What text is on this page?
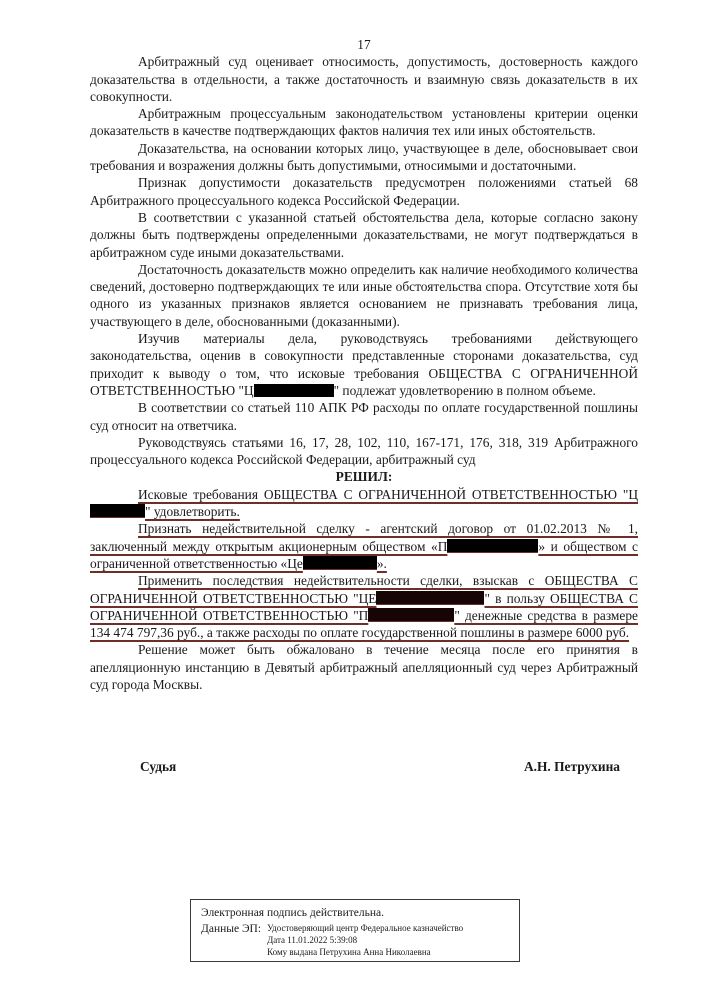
17

Арбитражный суд оценивает относимость, допустимость, достоверность каждого доказательства в отдельности, а также достаточность и взаимную связь доказательств в их совокупности.

Арбитражным процессуальным законодательством установлены критерии оценки доказательств в качестве подтверждающих фактов наличия тех или иных обстоятельств.

Доказательства, на основании которых лицо, участвующее в деле, обосновывает свои требования и возражения должны быть допустимыми, относимыми и достаточными.

Признак допустимости доказательств предусмотрен положениями статьей 68 Арбитражного процессуального кодекса Российской Федерации.

В соответствии с указанной статьей обстоятельства дела, которые согласно закону должны быть подтверждены определенными доказательствами, не могут подтверждаться в арбитражном суде иными доказательствами.

Достаточность доказательств можно определить как наличие необходимого количества сведений, достоверно подтверждающих те или иные обстоятельства спора. Отсутствие хотя бы одного из указанных признаков является основанием не признавать требования лица, участвующего в деле, обоснованными (доказанными).

Изучив материалы дела, руководствуясь требованиями действующего законодательства, оценив в совокупности представленные сторонами доказательства, суд приходит к выводу о том, что исковые требования ОБЩЕСТВА С ОГРАНИЧЕННОЙ ОТВЕТСТВЕННОСТЬЮ "Ц	" подлежат удовлетворению в полном объеме.

В соответствии со статьей 110 АПК РФ расходы по оплате государственной пошлины суд относит на ответчика.

Руководствуясь статьями 16, 17, 28, 102, 110, 167-171, 176, 318, 319 Арбитражного процессуального кодекса Российской Федерации, арбитражный суд

РЕШИЛ:

Исковые требования ОБЩЕСТВА С ОГРАНИЧЕННОЙ ОТВЕТСТВЕННОСТЬЮ "Ц" удовлетворить.

Признать недействительной сделку - агентский договор от 01.02.2013 № 1, заключенный между открытым акционерным обществом «П	» и обществом с ограниченной ответственностью «Це	».

Применить последствия недействительности сделки, взыскав с ОБЩЕСТВА С ОГРАНИЧЕННОЙ ОТВЕТСТВЕННОСТЬЮ "ЦЕ	" в пользу ОБЩЕСТВА С ОГРАНИЧЕННОЙ ОТВЕТСТВЕННОСТЬЮ "П	" денежные средства в размере 134 474 797,36 руб., а также расходы по оплате государственной пошлины в размере 6000 руб.

Решение может быть обжаловано в течение месяца после его принятия в апелляционную инстанцию в Девятый арбитражный апелляционный суд через Арбитражный суд города Москвы.

Судья	А.Н. Петрухина
Электронная подпись действительна.
Данные ЭП: Удостоверяющий центр Федеральное казначейство
Дата 11.01.2022 5:39:08
Кому выдана Петрухина Анна Николаевна
